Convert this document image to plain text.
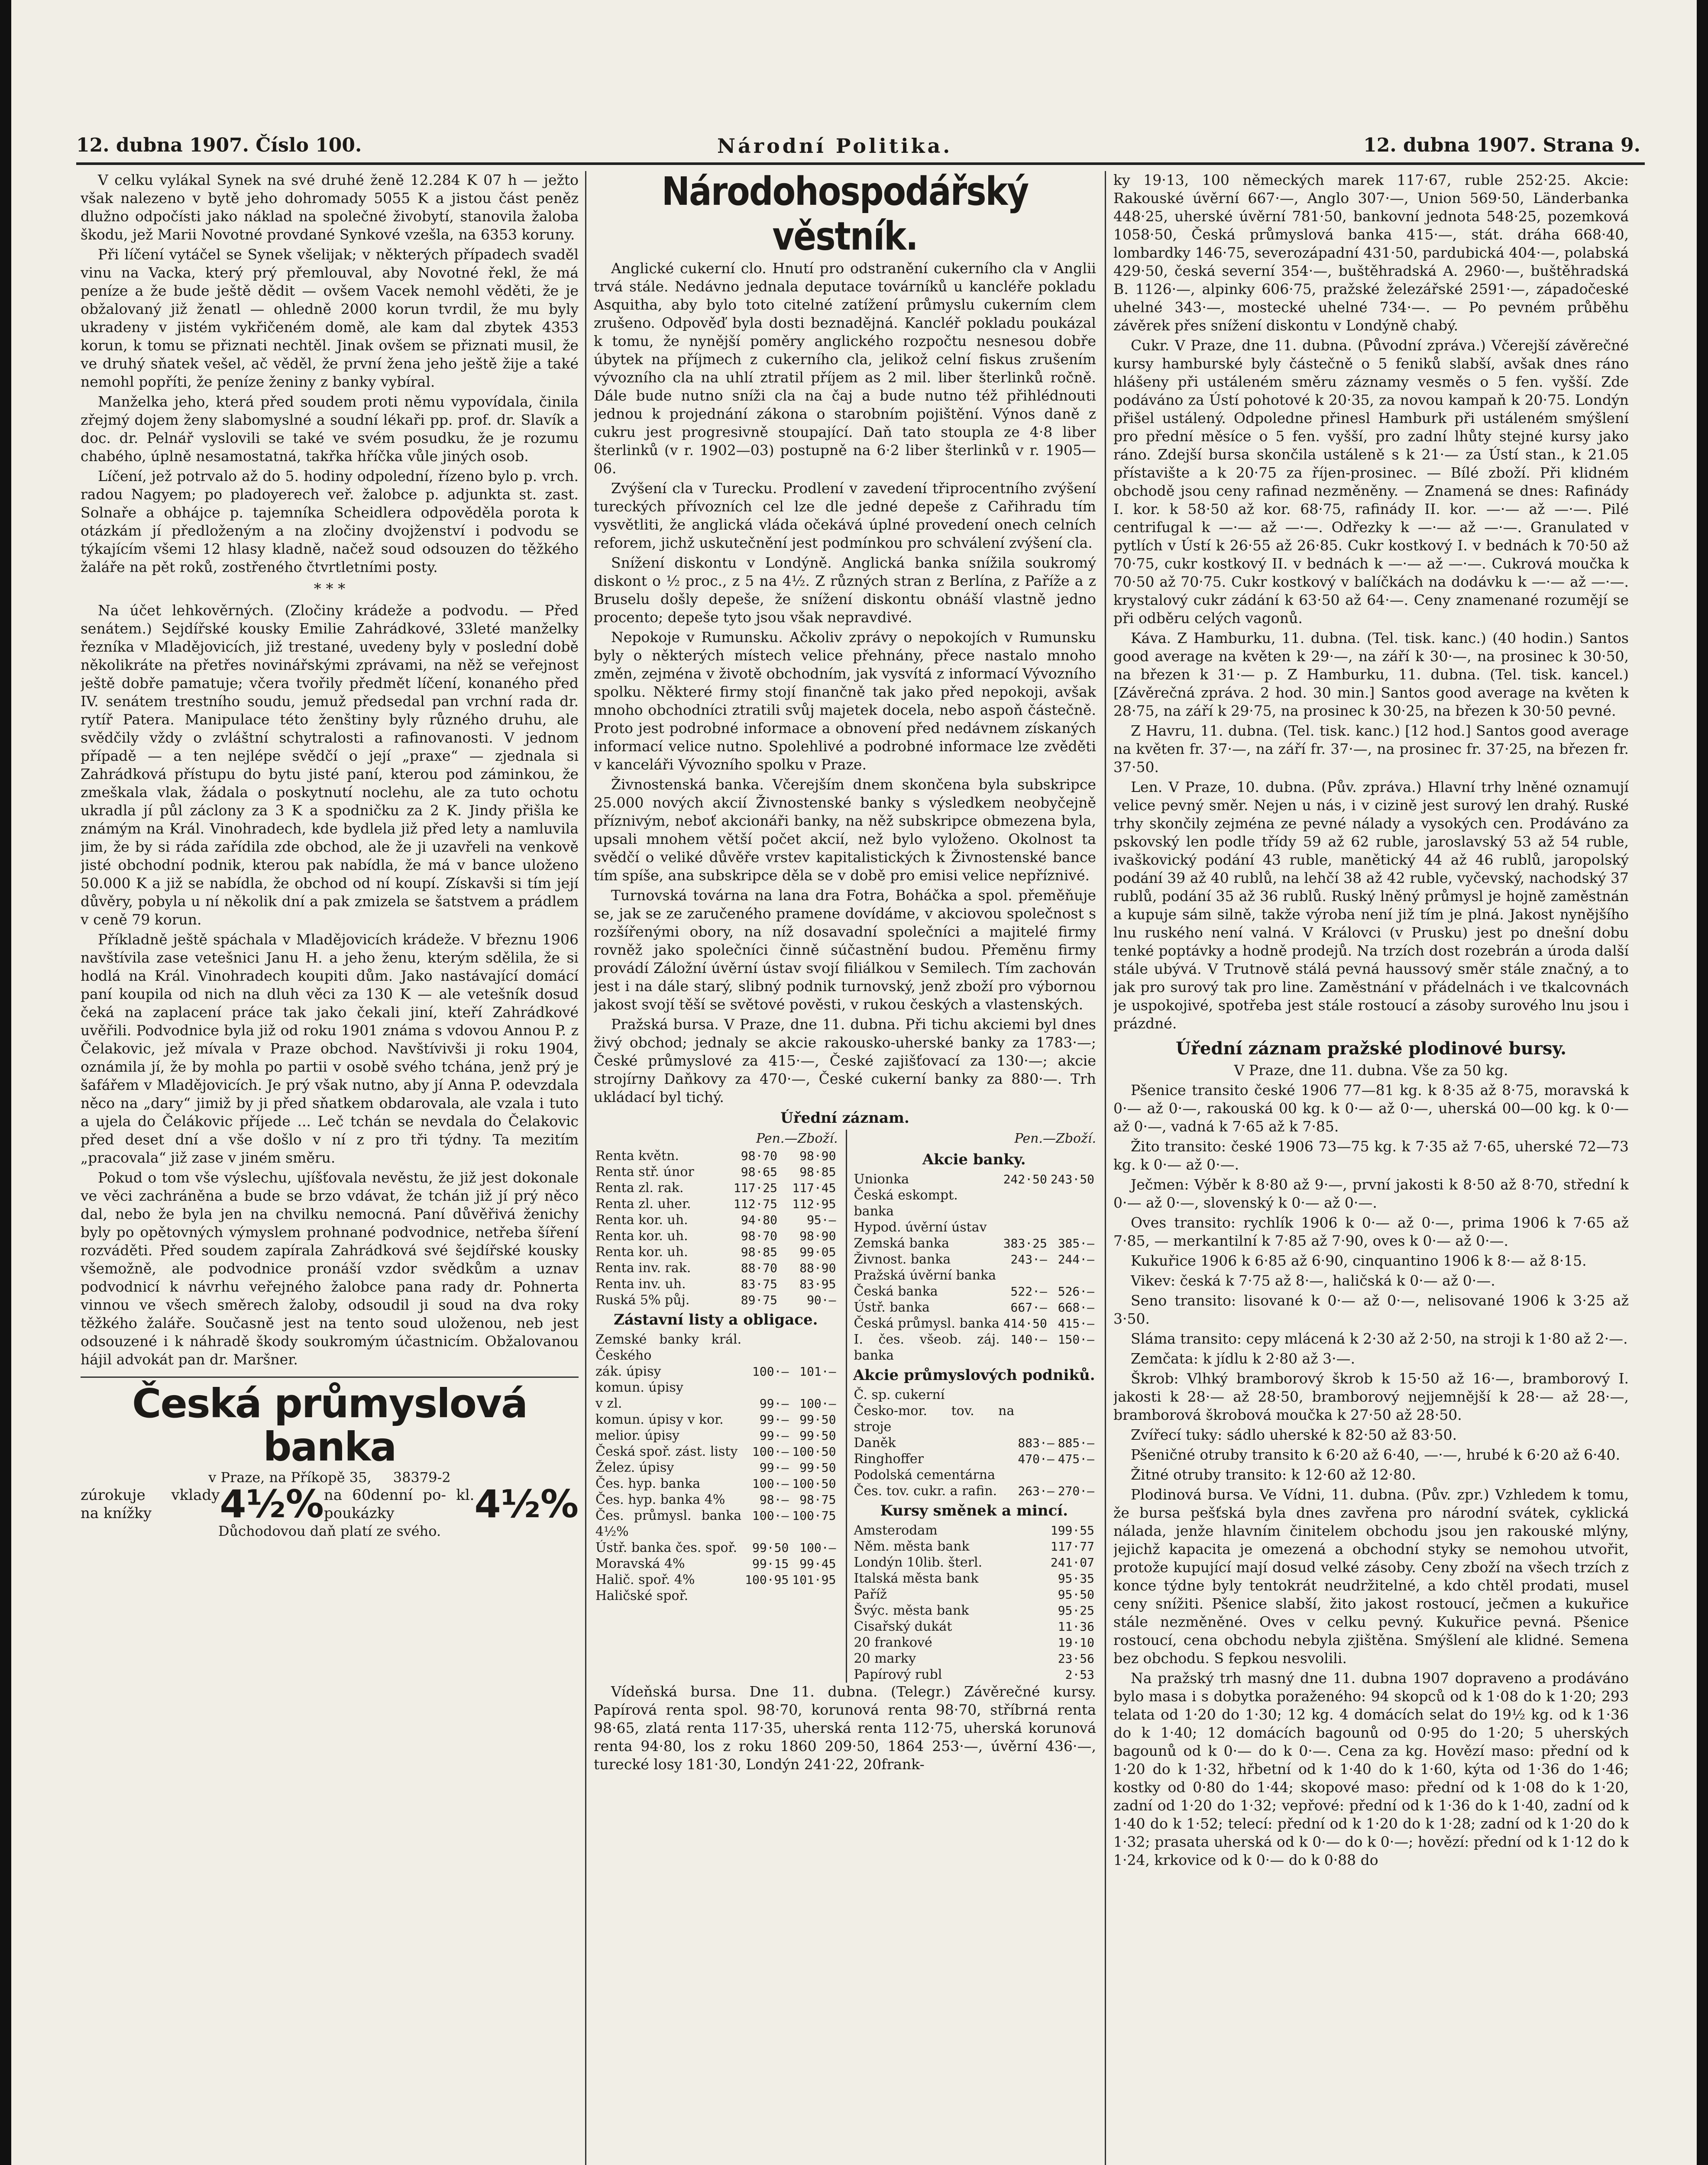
12. dubna 1907. Číslo 100.	Národní Politika.	12. dubna 1907. Strana 9.

V celku vylákal Synek na své druhé ženě 12.284 K 07 h — ježto však nalezeno v bytě jeho dohromady 5055 K a jistou část peněz dlužno odpočísti jako náklad na společné živobytí, stanovila žaloba škodu, jež Marii Novotné provdané Synkové vzešla, na 6353 koruny.

Při líčení vytáčel se Synek všelijak; v některých případech svaděl vinu na Vacka, který prý přemlouval, aby Novotné řekl, že má peníze a že bude ještě dědit — ovšem Vacek nemohl věděti, že je obžalovaný již ženatl — ohledně 2000 korun tvrdil, že mu byly ukradeny v jistém vykřičeném domě, ale kam dal zbytek 4353 korun, k tomu se přiznati nechtěl. Jinak ovšem se přiznati musil, že ve druhý sňatek vešel, ač věděl, že první žena jeho ještě žije a také nemohl popříti, že peníze ženiny z banky vybíral.

Manželka jeho, která před soudem proti němu vypovídala, činila zřejmý dojem ženy slabomyslné a soudní lékaři pp. prof. dr. Slavík a doc. dr. Pelnář vyslovili se také ve svém posudku, že je rozumu chabého, úplně nesamostatná, takřka hříčka vůle jiných osob.

Líčení, jež potrvalo až do 5. hodiny odpolední, řízeno bylo p. vrch. radou Nagyem; po pladoyerech veř. žalobce p. adjunkta st. zast. Solnaře a obhájce p. tajemníka Scheidlera odpověděla porota k otázkám jí předloženým a na zločiny dvojženství i podvodu se týkajícím všemi 12 hlasy kladně, načež soud odsouzen do těžkého žaláře na pět roků, zostřeného čtvrtletními posty.

* * *

Na účet lehkověrných. (Zločiny krádeže a podvodu. — Před senátem.) Sejdířské kousky Emilie Zahrádkové, 33leté manželky řezníka v Mladějovicích, již trestané, uvedeny byly v poslední době několikráte na přetřes novinářskými zprávami, na něž se veřejnost ještě dobře pamatuje; včera tvořily předmět líčení, konaného před IV. senátem trestního soudu, jemuž předsedal pan vrchní rada dr. rytíř Patera. Manipulace této ženštiny byly různého druhu, ale svědčily vždy o zvláštní schytralosti a rafinovanosti. V jednom případě — a ten nejlépe svědčí o její „praxe“ — zjednala si Zahrádková přístupu do bytu jisté paní, kterou pod záminkou, že zmeškala vlak, žádala o poskytnutí noclehu, ale za tuto ochotu ukradla jí půl záclony za 3 K a spodničku za 2 K. Jindy přišla ke známým na Král. Vinohradech, kde bydlela již před lety a namluvila jim, že by si ráda zařídila zde obchod, ale že ji uzavřeli na venkově jisté obchodní podnik, kterou pak nabídla, že má v bance uloženo 50.000 K a již se nabídla, že obchod od ní koupí. Získavši si tím její důvěry, pobyla u ní několik dní a pak zmizela se šatstvem a prádlem v ceně 79 korun.

Příkladně ještě spáchala v Mladějovicích krádeže. V březnu 1906 navštívila zase vetešnici Janu H. a jeho ženu, kterým sdělila, že si hodlá na Král. Vinohradech koupiti dům. Jako nastávající domácí paní koupila od nich na dluh věci za 130 K — ale vetešník dosud čeká na zaplacení práce tak jako čekali jiní, kteří Zahrádkové uvěřili. Podvodnice byla již od roku 1901 známa s vdovou Annou P. z Čelakovic, jež mívala v Praze obchod. Navštívivši ji roku 1904, oznámila jí, že by mohla po partii v osobě svého tchána, jenž prý je šafářem v Mladějovicích. Je prý však nutno, aby jí Anna P. odevzdala něco na „dary“ jimiž by ji před sňatkem obdarovala, ale vzala i tuto a ujela do Čelákovic příjede ... Leč tchán se nevdala do Čelakovic před deset dní a vše došlo v ní z pro tři týdny. Ta mezitím „pracovala“ již zase v jiném směru.

Pokud o tom vše výslechu, ujíšťovala nevěstu, že již jest dokonale ve věci zachráněna a bude se brzo vdávat, že tchán již jí prý něco dal, nebo že byla jen na chvilku nemocná. Paní důvěřivá ženichy byly po opětovných výmyslem prohnané podvodnice, netřeba šíření rozváděti. Před soudem zapírala Zahrádková své šejdířské kousky všemožně, ale podvodnice pronáší vzdor svědkům a uznav podvodnicí k návrhu veřejného žalobce pana rady dr. Pohnerta vinnou ve všech směrech žaloby, odsoudil ji soud na dva roky těžkého žaláře. Současně jest na tento soud uloženou, neb jest odsouzené i k náhradě škody soukromým účastnicím. Obžalovanou hájil advokát pan dr. Maršner.

Česká průmyslová banka
v Praze, na Příkopě 35, 38379-2
zúrokuje vklady na knížky	4½% na 60denní po- kl. poukázky	4½%
Důchodovou daň platí ze svého.
Národohospodářský věstník.

Anglické cukerní clo. Hnutí pro odstranění cukerního cla v Anglii trvá stále. Nedávno jednala deputace továrníků u kancléře pokladu Asquitha, aby bylo toto citelné zatížení průmyslu cukerním clem zrušeno. Odpověď byla dosti beznadějná. Kancléř pokladu poukázal k tomu, že nynější poměry anglického rozpočtu nesnesou dobře úbytek na příjmech z cukerního cla, jelikož celní fiskus zrušením vývozního cla na uhlí ztratil příjem as 2 mil. liber šterlinků ročně. Dále bude nutno sníži cla na čaj a bude nutno též přihlédnouti jednou k projednání zákona o starobním pojištění. Výnos daně z cukru jest progresivně stoupající. Daň tato stoupla ze 4·8 liber šterlinků (v r. 1902—03) postupně na 6·2 liber šterlinků v r. 1905—06.

Zvýšení cla v Turecku. Prodlení v zavedení třiprocentního zvýšení tureckých přívozních cel lze dle jedné depeše z Cařihradu tím vysvětliti, že anglická vláda očekává úplné provedení onech celních reforem, jichž uskutečnění jest podmínkou pro schválení zvýšení cla.

Snížení diskontu v Londýně. Anglická banka snížila soukromý diskont o ½ proc., z 5 na 4½. Z různých stran z Berlína, z Paříže a z Bruselu došly depeše, že snížení diskontu obnáší vlastně jedno procento; depeše tyto jsou však nepravdivé.

Nepokoje v Rumunsku. Ačkoliv zprávy o nepokojích v Rumunsku byly o některých místech velice přehnány, přece nastalo mnoho změn, zejména v životě obchodním, jak vysvítá z informací Vývozního spolku. Některé firmy stojí finančně tak jako před nepokoji, avšak mnoho obchodníci ztratili svůj majetek docela, nebo aspoň částečně. Proto jest podrobné informace a obnovení před nedávnem získaných informací velice nutno. Spolehlivé a podrobné informace lze zvěděti v kanceláři Vývozního spolku v Praze.

Živnostenská banka. Včerejším dnem skončena byla subskripce 25.000 nových akcií Živnostenské banky s výsledkem neobyčejně příznivým, neboť akcionáři banky, na něž subskripce obmezena byla, upsali mnohem větší počet akcií, než bylo vyloženo. Okolnost ta svědčí o veliké důvěře vrstev kapitalistických k Živnostenské bance tím spíše, ana subskripce děla se v době pro emisi velice nepříznivé.

Turnovská továrna na lana dra Fotra, Boháčka a spol. přeměňuje se, jak se ze zaručeného pramene dovídáme, v akciovou společnost s rozšířenými obory, na níž dosavadní společníci a majitelé firmy rovněž jako společníci činně súčastnění budou. Přeměnu firmy provádí Záložní úvěrní ústav svojí filiálkou v Semilech. Tím zachován jest i na dále starý, slibný podnik turnovský, jenž zboží pro výbornou jakost svojí těší se světové pověsti, v rukou českých a vlastenských.

Pražská bursa. V Praze, dne 11. dubna. Při tichu akciemi byl dnes živý obchod; jednaly se akcie rakousko-uherské banky za 1783·—; České průmyslové za 415·—, České zajišťovací za 130·—; akcie strojírny Daňkovy za 470·—, České cukerní banky za 880·—. Trh ukládací byl tichý.

Úřední záznam.
Pen.—Zboží.
Renta květn.	98·70	98·90
Renta stř. únor	98·65	98·85
Renta zl. rak.	117·25	117·45
Renta zl. uher.	112·75	112·95
Renta kor. uh.	94·80	95·—
Renta kor. uh.	98·70	98·90
Renta kor. uh.	98·85	99·05
Renta inv. rak.	88·70	88·90
Renta inv. uh.	83·75	83·95
Ruská 5% půj.	89·75	90·—
Zástavní listy a obligace.
Zemské banky král. Českého		
zák. úpisy	100·—	101·—
komun. úpisy		
v zl.	99·—	100·—
komun. úpisy v kor.	99·—	99·50
melior. úpisy	99·—	99·50
Česká spoř. zást. listy	100·—	100·50
Želez. úpisy	99·—	99·50
Čes. hyp. banka	100·—	100·50
Čes. hyp. banka 4%	98·—	98·75
Čes. průmysl. banka 4½%	100·—	100·75
Ústř. banka čes. spoř.	99·50	100·—
Moravská 4%	99·15	99·45
Halič. spoř. 4%	100·95	101·95
Haličské spoř.		
Pen.—Zboží.
Akcie banky.
Unionka	242·50	243·50
Česká eskompt.		
banka		
Hypod. úvěrní ústav		
Zemská banka	383·25	385·—
Živnost. banka	243·—	244·—
Pražská úvěrní banka		
Česká banka	522·—	526·—
Ústř. banka	667·—	668·—
Česká průmysl. banka	414·50	415·—
I. čes. všeob. záj. banka	140·—	150·—
Akcie průmyslových podniků.
Č. sp. cukerní		
Česko-mor. tov. na stroje		
Daněk	883·—	885·—
Ringhoffer	470·—	475·—
Podolská cementárna		
Čes. tov. cukr. a rafin.	263·—	270·—
Kursy směnek a mincí.
Amsterodam		199·55
Něm. města bank		117·77
Londýn 10lib. šterl.		241·07
Italská města bank		95·35
Paříž		95·50
Švýc. města bank		95·25
Cisařský dukát		11·36
20 frankové		19·10
20 marky		23·56
Papírový rubl		2·53

Vídeňská bursa. Dne 11. dubna. (Telegr.) Závěrečné kursy. Papírová renta spol. 98·70, korunová renta 98·70, stříbrná renta 98·65, zlatá renta 117·35, uherská renta 112·75, uherská korunová renta 94·80, los z roku 1860 209·50, 1864 253·—, úvěrní 436·—, turecké losy 181·30, Londýn 241·22, 20frank-

ky 19·13, 100 německých marek 117·67, ruble 252·25. Akcie: Rakouské úvěrní 667·—, Anglo 307·—, Union 569·50, Länderbanka 448·25, uherské úvěrní 781·50, bankovní jednota 548·25, pozemková 1058·50, Česká průmyslová banka 415·—, stát. dráha 668·40, lombardky 146·75, severozápadní 431·50, pardubická 404·—, polabská 429·50, česká severní 354·—, buštěhradská A. 2960·—, buštěhradská B. 1126·—, alpinky 606·75, pražské železářské 2591·—, západočeské uhelné 343·—, mostecké uhelné 734·—. — Po pevném průběhu závěrek přes snížení diskontu v Londýně chabý.

Cukr. V Praze, dne 11. dubna. (Původní zpráva.) Včerejší závěrečné kursy hamburské byly částečně o 5 feniků slabší, avšak dnes ráno hlášeny při ustáleném směru záznamy vesměs o 5 fen. vyšší. Zde podáváno za Ústí pohotové k 20·35, za novou kampaň k 20·75. Londýn přišel ustálený. Odpoledne přinesl Hamburk při ustáleném smýšlení pro přední měsíce o 5 fen. vyšší, pro zadní lhůty stejné kursy jako ráno. Zdejší bursa skončila ustáleně s k 21·— za Ústí stan., k 21.05 přístavište a k 20·75 za říjen-prosinec. — Bílé zboží. Při klidném obchodě jsou ceny rafinad nezměněny. — Znamená se dnes: Rafinády I. kor. k 58·50 až kor. 68·75, rafinády II. kor. —·— až —·—. Pilé centrifugal k —·— až —·—. Odřezky k —·— až —·—. Granulated v pytlích v Ústí k 26·55 až 26·85. Cukr kostkový I. v bednách k 70·50 až 70·75, cukr kostkový II. v bednách k —·— až —·—. Cukrová moučka k 70·50 až 70·75. Cukr kostkový v balíčkách na dodávku k —·— až —·—. krystalový cukr zádání k 63·50 až 64·—. Ceny znamenané rozumějí se při odběru celých vagonů.

Káva. Z Hamburku, 11. dubna. (Tel. tisk. kanc.) (40 hodin.) Santos good average na květen k 29·—, na září k 30·—, na prosinec k 30·50, na březen k 31·— p. Z Hamburku, 11. dubna. (Tel. tisk. kancel.) [Závěrečná zpráva. 2 hod. 30 min.] Santos good average na květen k 28·75, na září k 29·75, na prosinec k 30·25, na březen k 30·50 pevné.

Z Havru, 11. dubna. (Tel. tisk. kanc.) [12 hod.] Santos good average na květen fr. 37·—, na září fr. 37·—, na prosinec fr. 37·25, na březen fr. 37·50.

Len. V Praze, 10. dubna. (Pův. zpráva.) Hlavní trhy lněné oznamují velice pevný směr. Nejen u nás, i v cizině jest surový len drahý. Ruské trhy skončily zejména ze pevné nálady a vysokých cen. Prodáváno za pskovský len podle třídy 59 až 62 ruble, jaroslavský 53 až 54 ruble, ivaškovický podání 43 ruble, manětický 44 až 46 rublů, jaropolský podání 39 až 40 rublů, na lehčí 38 až 42 ruble, vyčevský, nachodský 37 rublů, podání 35 až 36 rublů. Ruský lněný průmysl je hojně zaměstnán a kupuje sám silně, takže výroba není již tím je plná. Jakost nynějšího lnu ruského není valná. V Královci (v Prusku) jest po dnešní dobu tenké poptávky a hodně prodejů. Na trzích dost rozebrán a úroda další stále ubývá. V Trutnově stálá pevná haussový směr stále značný, a to jak pro surový tak pro line. Zaměstnání v přádelnách i ve tkalcovnách je uspokojivé, spotřeba jest stále rostoucí a zásoby surového lnu jsou i prázdné.

Úřední záznam pražské plodinové bursy.

V Praze, dne 11. dubna. Vše za 50 kg.

Pšenice transito české 1906 77—81 kg. k 8·35 až 8·75, moravská k 0·— až 0·—, rakouská 00 kg. k 0·— až 0·—, uherská 00—00 kg. k 0·— až 0·—, vadná k 7·65 až k 7·85.

Žito transito: české 1906 73—75 kg. k 7·35 až 7·65, uherské 72—73 kg. k 0·— až 0·—.

Ječmen: Výběr k 8·80 až 9·—, první jakosti k 8·50 až 8·70, střední k 0·— až 0·—, slovenský k 0·— až 0·—.

Oves transito: rychlík 1906 k 0·— až 0·—, prima 1906 k 7·65 až 7·85, — merkantilní k 7·85 až 7·90, oves k 0·— až 0·—.

Kukuřice 1906 k 6·85 až 6·90, cinquantino 1906 k 8·— až 8·15.

Vikev: česká k 7·75 až 8·—, haličská k 0·— až 0·—.

Seno transito: lisované k 0·— až 0·—, nelisované 1906 k 3·25 až 3·50.

Sláma transito: cepy mlácená k 2·30 až 2·50, na stroji k 1·80 až 2·—.

Zemčata: k jídlu k 2·80 až 3·—.

Škrob: Vlhký bramborový škrob k 15·50 až 16·—, bramborový I. jakosti k 28·— až 28·50, bramborový nejjemnější k 28·— až 28·—, bramborová škrobová moučka k 27·50 až 28·50.

Zvířecí tuky: sádlo uherské k 82·50 až 83·50.

Pšeničné otruby transito k 6·20 až 6·40, —·—, hrubé k 6·20 až 6·40.

Žitné otruby transito: k 12·60 až 12·80.

Plodinová bursa. Ve Vídni, 11. dubna. (Pův. zpr.) Vzhledem k tomu, že bursa pešťská byla dnes zavřena pro národní svátek, cyklická nálada, jenže hlavním činitelem obchodu jsou jen rakouské mlýny, jejichž kapacita je omezená a obchodní styky se nemohou utvořit, protože kupující mají dosud velké zásoby. Ceny zboží na všech trzích z konce týdne byly tentokrát neudržitelné, a kdo chtěl prodati, musel ceny snížiti. Pšenice slabší, žito jakost rostoucí, ječmen a kukuřice stále nezměněné. Oves v celku pevný. Kukuřice pevná. Pšenice rostoucí, cena obchodu nebyla zjištěna. Smýšlení ale klidné. Semena bez obchodu. S fepkou nesvolili.

Na pražský trh masný dne 11. dubna 1907 dopraveno a prodáváno bylo masa i s dobytka poraženého: 94 skopců od k 1·08 do k 1·20; 293 telata od 1·20 do 1·30; 12 kg. 4 domácích selat do 19½ kg. od k 1·36 do k 1·40; 12 domácích bagounů od 0·95 do 1·20; 5 uherských bagounů od k 0·— do k 0·—. Cena za kg. Hovězí maso: přední od k 1·20 do k 1·32, hřbetní od k 1·40 do k 1·60, kýta od 1·36 do 1·46; kostky od 0·80 do 1·44; skopové maso: přední od k 1·08 do k 1·20, zadní od 1·20 do 1·32; vepřové: přední od k 1·36 do k 1·40, zadní od k 1·40 do k 1·52; telecí: přední od k 1·20 do k 1·28; zadní od k 1·20 do k 1·32; prasata uherská od k 0·— do k 0·—; hovězí: přední od k 1·12 do k 1·24, krkovice od k 0·— do k 0·88 do
